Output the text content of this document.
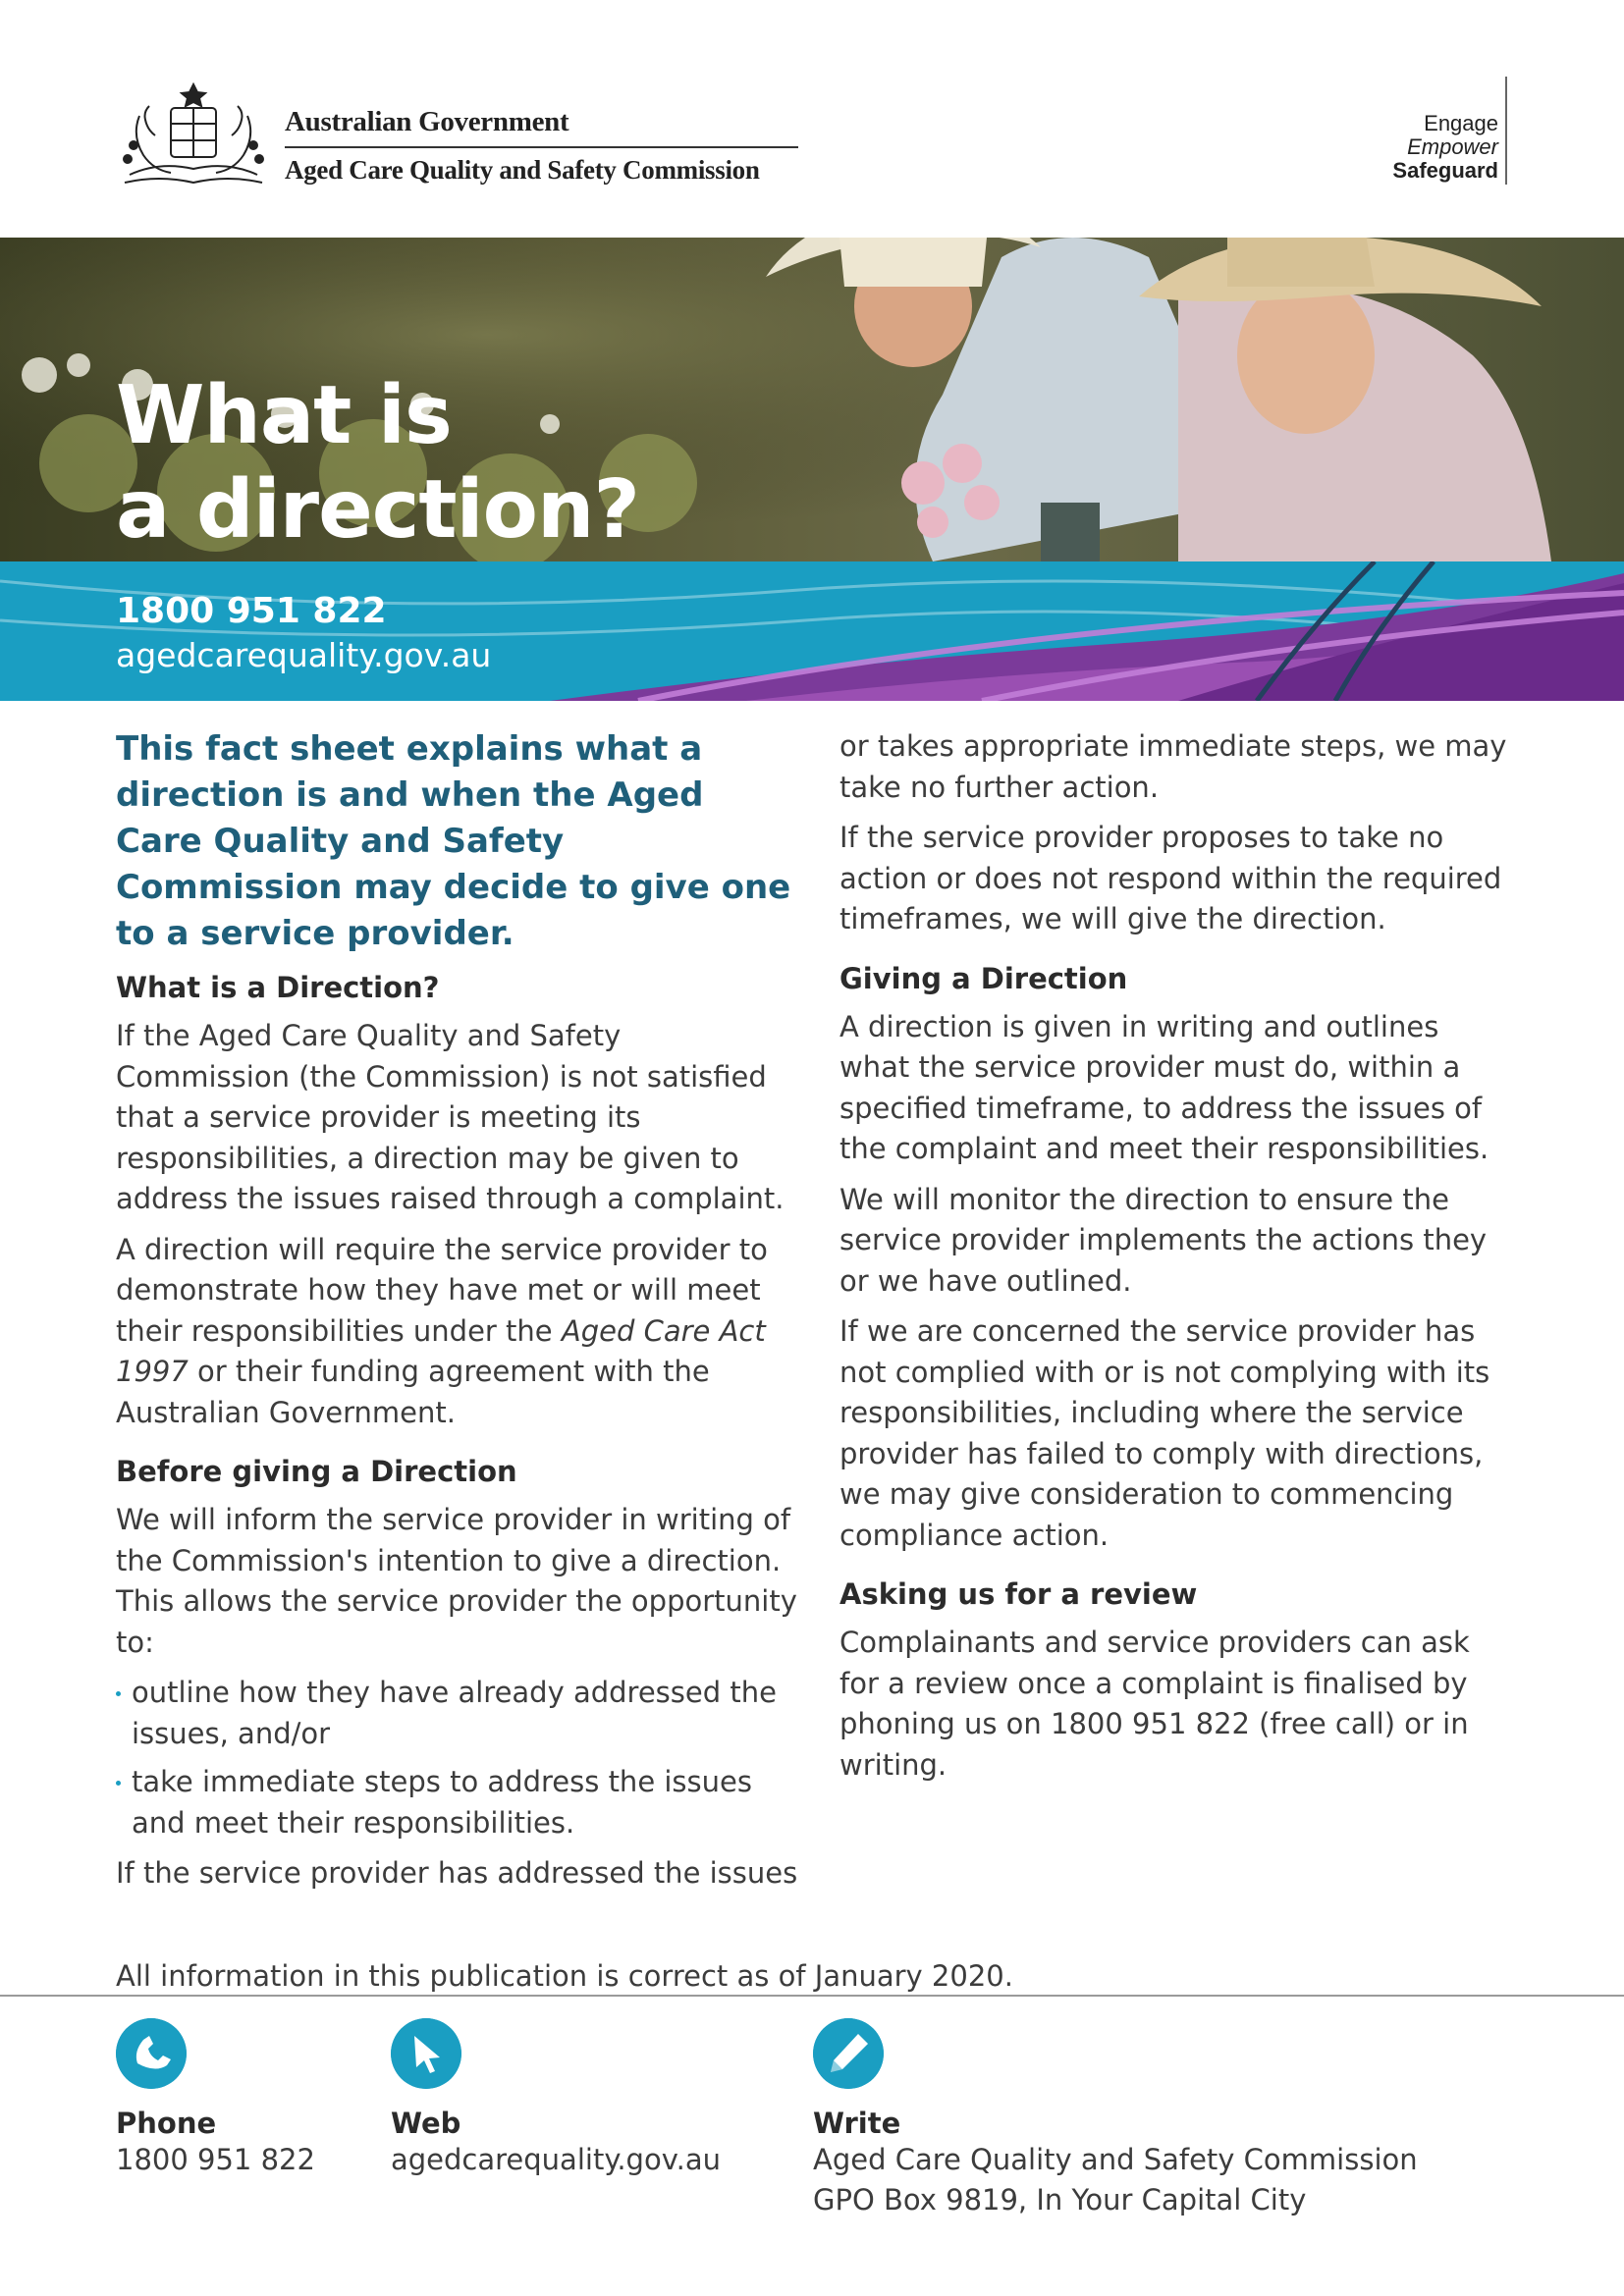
Australian Government
Aged Care Quality and Safety Commission
Engage
Empower
Safeguard
What is
a direction?
1800 951 822
agedcarequality.gov.au
This fact sheet explains what a direction is and when the Aged Care Quality and Safety Commission may decide to give one to a service provider.
What is a Direction?

If the Aged Care Quality and Safety Commission (the Commission) is not satisfied that a service provider is meeting its responsibilities, a direction may be given to address the issues raised through a complaint.

A direction will require the service provider to demonstrate how they have met or will meet their responsibilities under the Aged Care Act 1997 or their funding agreement with the Australian Government.

Before giving a Direction

We will inform the service provider in writing of the Commission's intention to give a direction. This allows the service provider the opportunity to:

outline how they have already addressed the issues, and/or
take immediate steps to address the issues and meet their responsibilities.

If the service provider has addressed the issues

or takes appropriate immediate steps, we may take no further action.

If the service provider proposes to take no action or does not respond within the required timeframes, we will give the direction.

Giving a Direction

A direction is given in writing and outlines what the service provider must do, within a specified timeframe, to address the issues of the complaint and meet their responsibilities.

We will monitor the direction to ensure the service provider implements the actions they or we have outlined.

If we are concerned the service provider has not complied with or is not complying with its responsibilities, including where the service provider has failed to comply with directions, we may give consideration to commencing compliance action.

Asking us for a review

Complainants and service providers can ask for a review once a complaint is finalised by phoning us on 1800 951 822 (free call) or in writing.

All information in this publication is correct as of January 2020.
Phone
1800 951 822
Web
agedcarequality.gov.au
Write
Aged Care Quality and Safety Commission
GPO Box 9819, In Your Capital City
